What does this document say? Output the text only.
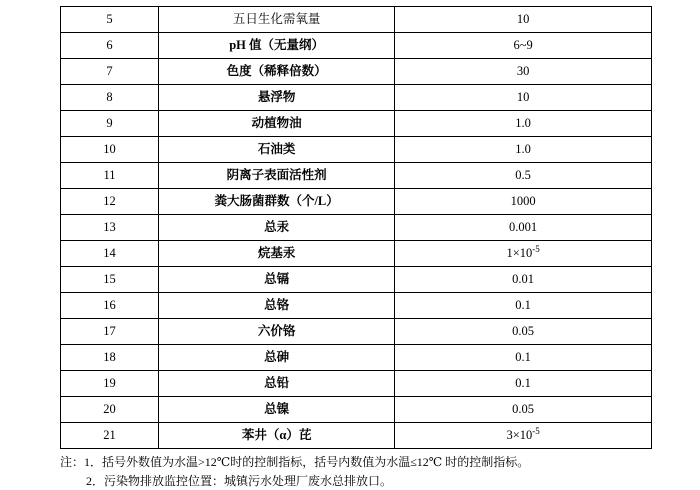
5	五日生化需氧量	10
6	pH 值（无量纲）	6~9
7	色度（稀释倍数）	30
8	悬浮物	10
9	动植物油	1.0
10	石油类	1.0
11	阴离子表面活性剂	0.5
12	粪大肠菌群数（个/L）	1000
13	总汞	0.001
14	烷基汞	$1\times 10^{-5}$
15	总镉	0.01
16	总铬	0.1
17	六价铬	0.05
18	总砷	0.1
19	总铅	0.1
20	总镍	0.05
21	苯井（α）芘	$3\times 10^{-5}$
注：1．括号外数值为水温>12℃时的控制指标，括号内数值为水温≤12℃ 时的控制指标。
2．污染物排放监控位置：城镇污水处理厂废水总排放口。
